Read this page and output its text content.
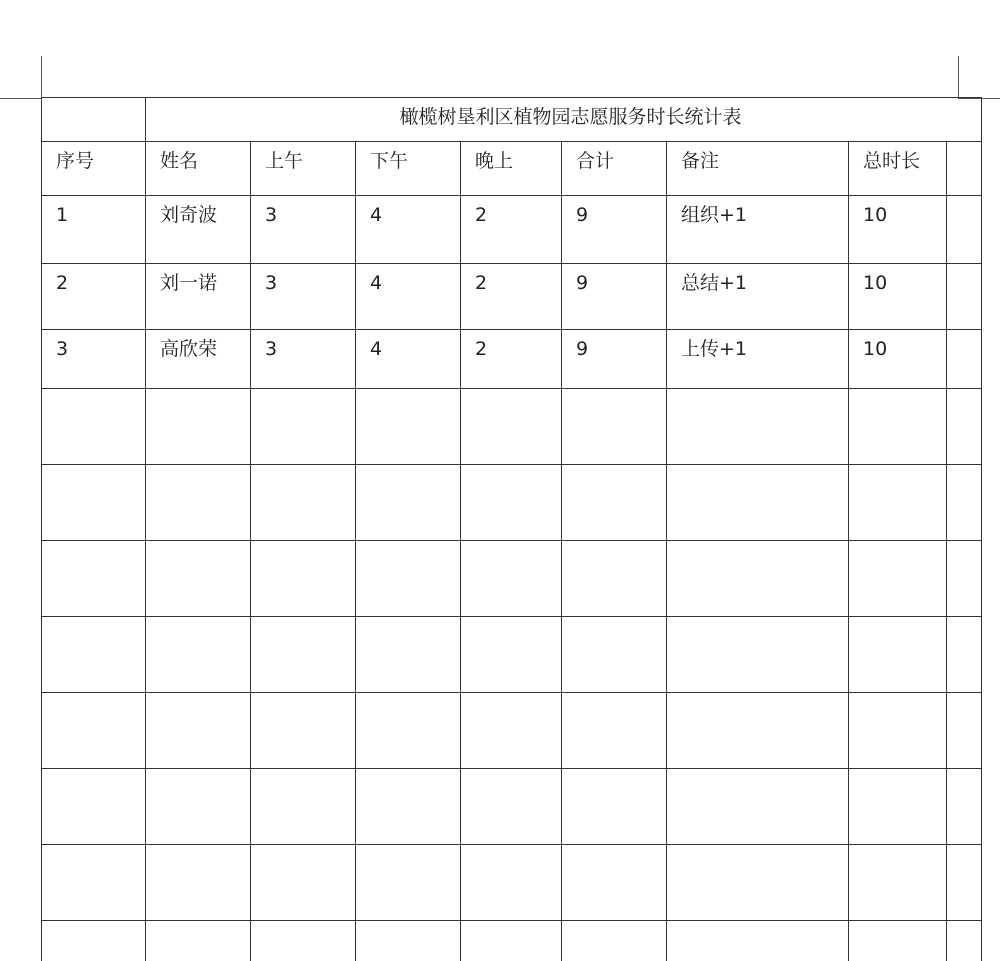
	橄榄树垦利区植物园志愿服务时长统计表							
序号	姓名	上午	下午	晚上	合计	备注	总时长	
1	刘奇波	3	4	2	9	组织+1	10	
2	刘一诺	3	4	2	9	总结+1	10	
3	高欣荣	3	4	2	9	上传+1	10	
